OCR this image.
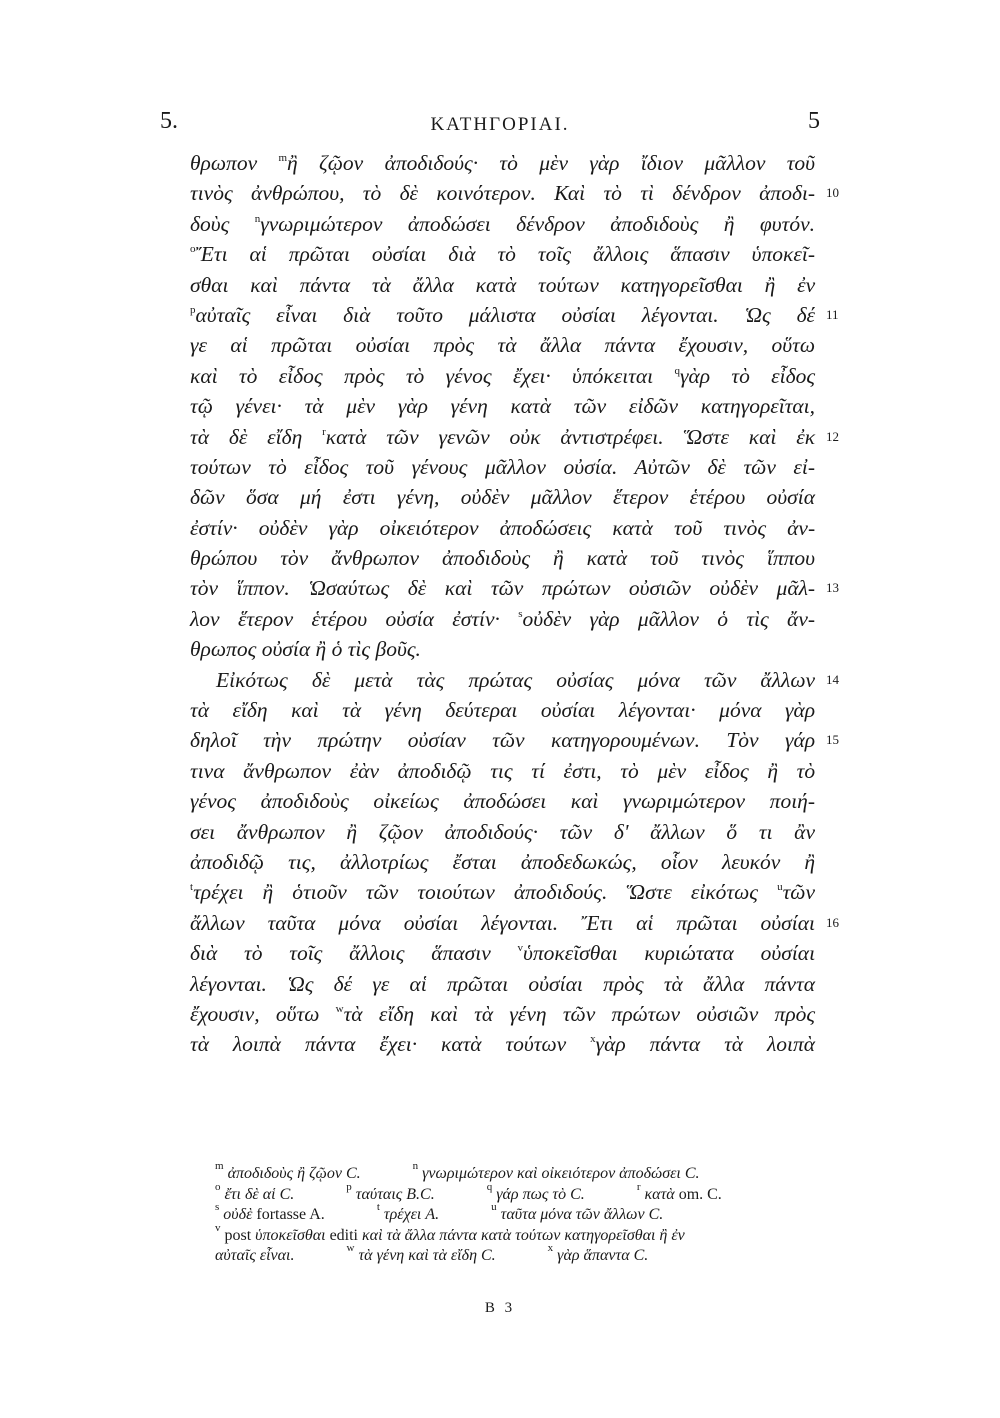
5.	ΚΑΤΗΓΟΡΙΑΙ.	5
θρωπον $^m$ἢ ζῷον ἀποδιδούς· τὸ μὲν γὰρ ἴδιον μᾶλλον τοῦ
τινὸς ἀνθρώπου, τὸ δὲ κοινότερον. Καὶ τὸ τὶ δένδρον ἀποδι- 10
δοὺς $^n$γνωριμώτερον ἀποδώσει δένδρον ἀποδιδοὺς ἢ φυτόν.
$^o$Ἔτι αἱ πρῶται οὐσίαι διὰ τὸ τοῖς ἄλλοις ἅπασιν ὑποκεῖ-
σθαι καὶ πάντα τὰ ἄλλα κατὰ τούτων κατηγορεῖσθαι ἢ ἐν
$^p$αὐταῖς εἶναι διὰ τοῦτο μάλιστα οὐσίαι λέγονται. Ὡς δέ 11
γε αἱ πρῶται οὐσίαι πρὸς τὰ ἄλλα πάντα ἔχουσιν, οὕτω
καὶ τὸ εἶδος πρὸς τὸ γένος ἔχει· ὑπόκειται $^q$γὰρ τὸ εἶδος
τῷ γένει· τὰ μὲν γὰρ γένη κατὰ τῶν εἰδῶν κατηγορεῖται,
τὰ δὲ εἴδη $^r$κατὰ τῶν γενῶν οὐκ ἀντιστρέφει. Ὥστε καὶ ἐκ 12
τούτων τὸ εἶδος τοῦ γένους μᾶλλον οὐσία. Αὐτῶν δὲ τῶν εἰ-
δῶν ὅσα μή ἐστι γένη, οὐδὲν μᾶλλον ἕτερον ἑτέρου οὐσία
ἐστίν· οὐδὲν γὰρ οἰκειότερον ἀποδώσεις κατὰ τοῦ τινὸς ἀν-
θρώπου τὸν ἄνθρωπον ἀποδιδοὺς ἢ κατὰ τοῦ τινὸς ἵππου
τὸν ἵππον. Ὡσαύτως δὲ καὶ τῶν πρώτων οὐσιῶν οὐδὲν μᾶλ- 13
λον ἕτερον ἑτέρου οὐσία ἐστίν· $^s$οὐδὲν γὰρ μᾶλλον ὁ τὶς ἄν-
θρωπος οὐσία ἢ ὁ τὶς βοῦς.
Εἰκότως δὲ μετὰ τὰς πρώτας οὐσίας μόνα τῶν ἄλλων 14
τὰ εἴδη καὶ τὰ γένη δεύτεραι οὐσίαι λέγονται· μόνα γὰρ
δηλοῖ τὴν πρώτην οὐσίαν τῶν κατηγορουμένων. Τὸν γάρ 15
τινα ἄνθρωπον ἐὰν ἀποδιδῷ τις τί ἐστι, τὸ μὲν εἶδος ἢ τὸ
γένος ἀποδιδοὺς οἰκείως ἀποδώσει καὶ γνωριμώτερον ποιή-
σει ἄνθρωπον ἢ ζῷον ἀποδιδούς· τῶν δ' ἄλλων ὅ τι ἂν
ἀποδιδῷ τις, ἀλλοτρίως ἔσται ἀποδεδωκώς, οἷον λευκόν ἢ
$^t$τρέχει ἢ ὁτιοῦν τῶν τοιούτων ἀποδιδούς. Ὥστε εἰκότως $^u$τῶν
ἄλλων ταῦτα μόνα οὐσίαι λέγονται. Ἔτι αἱ πρῶται οὐσίαι 16
διὰ τὸ τοῖς ἄλλοις ἅπασιν $^v$ὑποκεῖσθαι κυριώτατα οὐσίαι
λέγονται. Ὡς δέ γε αἱ πρῶται οὐσίαι πρὸς τὰ ἄλλα πάντα
ἔχουσιν, οὕτω $^w$τὰ εἴδη καὶ τὰ γένη τῶν πρώτων οὐσιῶν πρὸς
τὰ λοιπὰ πάντα ἔχει· κατὰ τούτων $^x$γὰρ πάντα τὰ λοιπὰ
$^m$ ἀποδιδοὺς ἢ ζῷον C.	$^n$ γνωριμώτερον καὶ οἰκειότερον ἀποδώσει C.
$^o$ ἔτι δὲ αἱ C.	$^p$ ταύταις B.C.	$^q$ γάρ πως τὸ C.	$^r$ κατὰ om. C.
$^s$ οὐδὲ fortasse A.	$^t$ τρέχει A.	$^u$ ταῦτα μόνα τῶν ἄλλων C.
$^v$ post ὑποκεῖσθαι editi καὶ τὰ ἄλλα πάντα κατὰ τούτων κατηγορεῖσθαι ἢ ἐν
αὐταῖς εἶναι.	$^w$ τὰ γένη καὶ τὰ εἴδη C.	$^x$ γὰρ ἅπαντα C.
B 3
